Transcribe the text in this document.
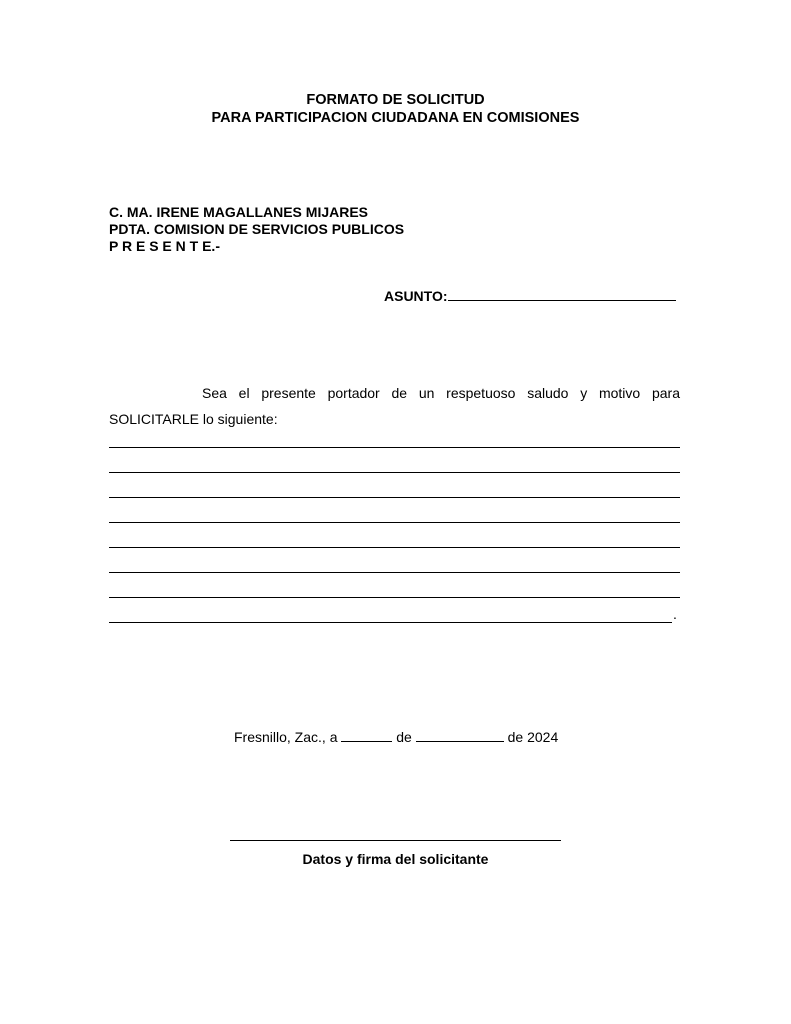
FORMATO DE SOLICITUD
PARA PARTICIPACION CIUDADANA EN COMISIONES
C. MA. IRENE MAGALLANES MIJARES
PDTA. COMISION DE SERVICIOS PUBLICOS
P R E S E N T E.-
ASUNTO:
Sea el presente portador de un respetuoso saludo y motivo para
SOLICITARLE lo siguiente:
.
Fresnillo, Zac., a	de	de 2024
Datos y firma del solicitante
